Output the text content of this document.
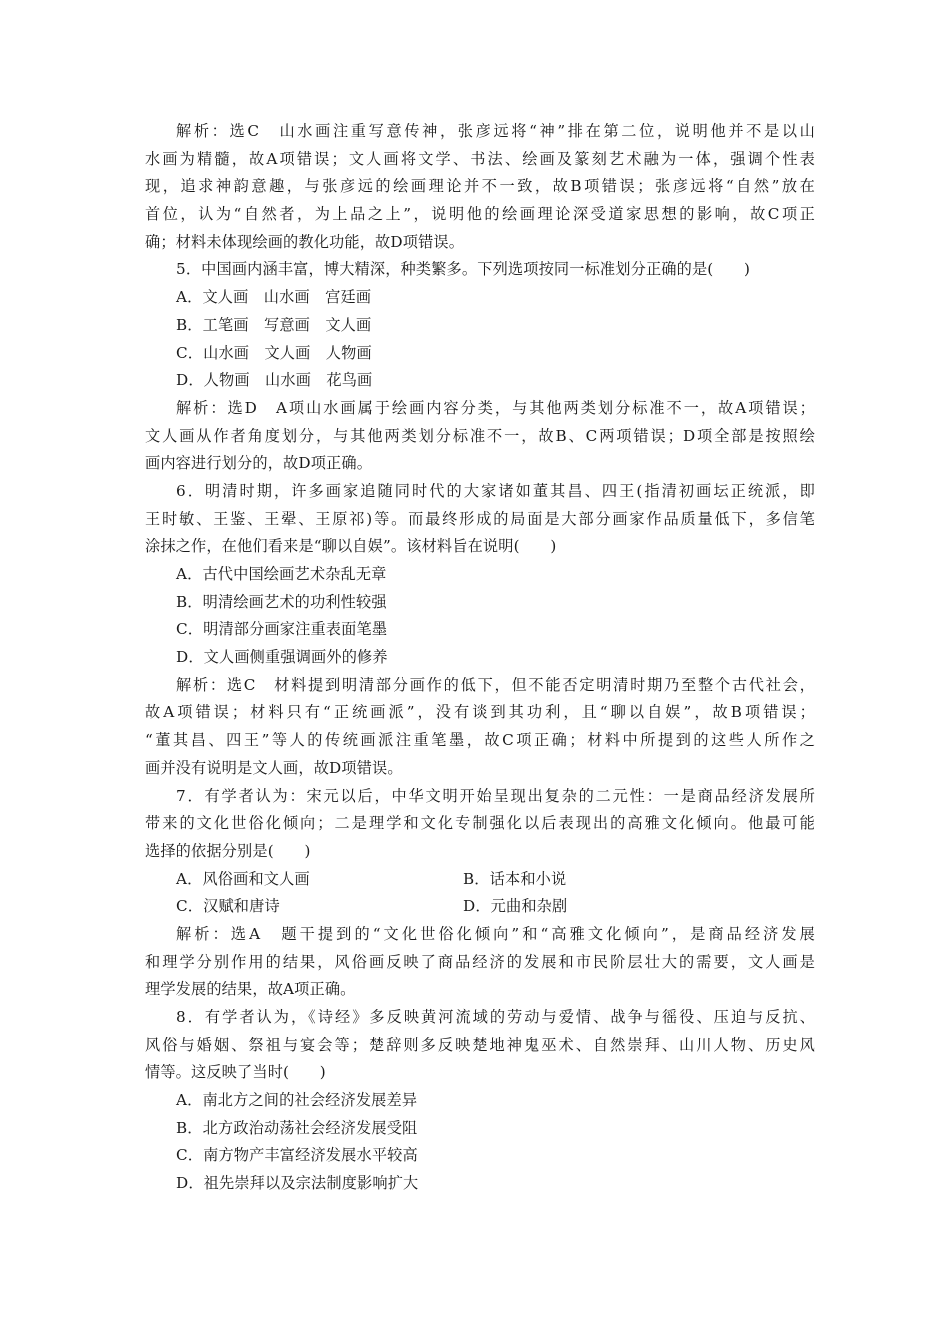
解析：选C　山水画注重写意传神，张彦远将“神”排在第二位，说明他并不是以山
水画为精髓，故A项错误；文人画将文学、书法、绘画及篆刻艺术融为一体，强调个性表
现，追求神韵意趣，与张彦远的绘画理论并不一致，故B项错误；张彦远将“自然”放在
首位，认为“自然者，为上品之上”，说明他的绘画理论深受道家思想的影响，故C项正
确；材料未体现绘画的教化功能，故D项错误。
5．中国画内涵丰富，博大精深，种类繁多。下列选项按同一标准划分正确的是(　　)
A．文人画　山水画　宫廷画
B．工笔画　写意画　文人画
C．山水画　文人画　人物画
D．人物画　山水画　花鸟画
解析：选D　A项山水画属于绘画内容分类，与其他两类划分标准不一，故A项错误；
文人画从作者角度划分，与其他两类划分标准不一，故B、C两项错误；D项全部是按照绘
画内容进行划分的，故D项正确。
6．明清时期，许多画家追随同时代的大家诸如董其昌、四王(指清初画坛正统派，即
王时敏、王鉴、王翚、王原祁)等。而最终形成的局面是大部分画家作品质量低下，多信笔
涂抹之作，在他们看来是“聊以自娱”。该材料旨在说明(　　)
A．古代中国绘画艺术杂乱无章
B．明清绘画艺术的功利性较强
C．明清部分画家注重表面笔墨
D．文人画侧重强调画外的修养
解析：选C　材料提到明清部分画作的低下，但不能否定明清时期乃至整个古代社会，
故A项错误；材料只有“正统画派”，没有谈到其功利，且“聊以自娱”，故B项错误；
“董其昌、四王”等人的传统画派注重笔墨，故C项正确；材料中所提到的这些人所作之
画并没有说明是文人画，故D项错误。
7．有学者认为：宋元以后，中华文明开始呈现出复杂的二元性：一是商品经济发展所
带来的文化世俗化倾向；二是理学和文化专制强化以后表现出的高雅文化倾向。他最可能
选择的依据分别是(　　)
A．风俗画和文人画	B．话本和小说
C．汉赋和唐诗	D．元曲和杂剧
解析：选A　题干提到的“文化世俗化倾向”和“高雅文化倾向”，是商品经济发展
和理学分别作用的结果，风俗画反映了商品经济的发展和市民阶层壮大的需要，文人画是
理学发展的结果，故A项正确。
8．有学者认为，《诗经》多反映黄河流域的劳动与爱情、战争与徭役、压迫与反抗、
风俗与婚姻、祭祖与宴会等；楚辞则多反映楚地神鬼巫术、自然崇拜、山川人物、历史风
情等。这反映了当时(　　)
A．南北方之间的社会经济发展差异
B．北方政治动荡社会经济发展受阻
C．南方物产丰富经济发展水平较高
D．祖先崇拜以及宗法制度影响扩大
